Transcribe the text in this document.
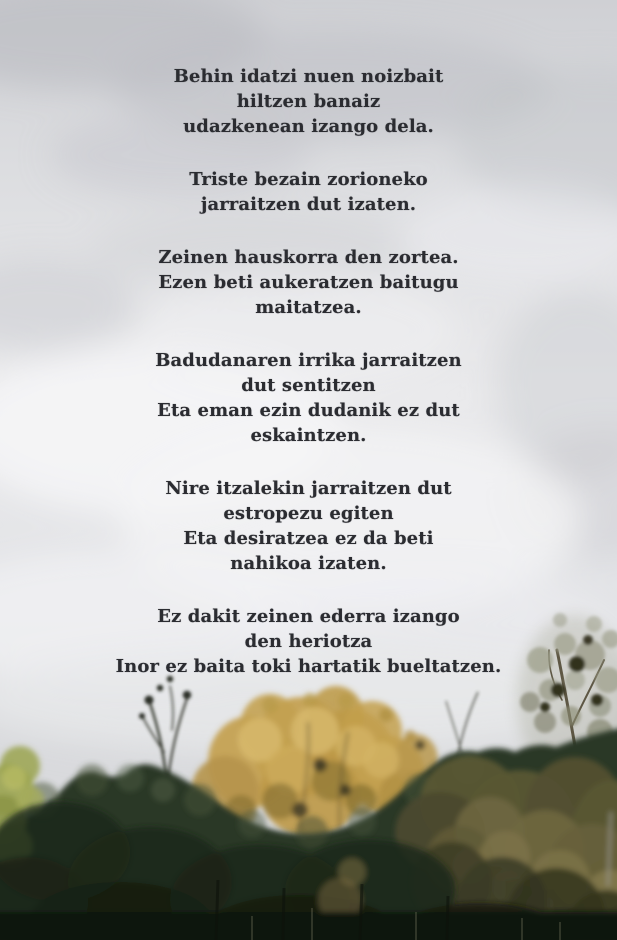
Behin idatzi nuen noizbait
hiltzen banaiz
udazkenean izango dela.
Triste bezain zorioneko
jarraitzen dut izaten.
Zeinen hauskorra den zortea.
Ezen beti aukeratzen baitugu
maitatzea.
Badudanaren irrika jarraitzen
dut sentitzen
Eta eman ezin dudanik ez dut
eskaintzen.
Nire itzalekin jarraitzen dut
estropezu egiten
Eta desiratzea ez da beti
nahikoa izaten.
Ez dakit zeinen ederra izango
den heriotza
Inor ez baita toki hartatik bueltatzen.
